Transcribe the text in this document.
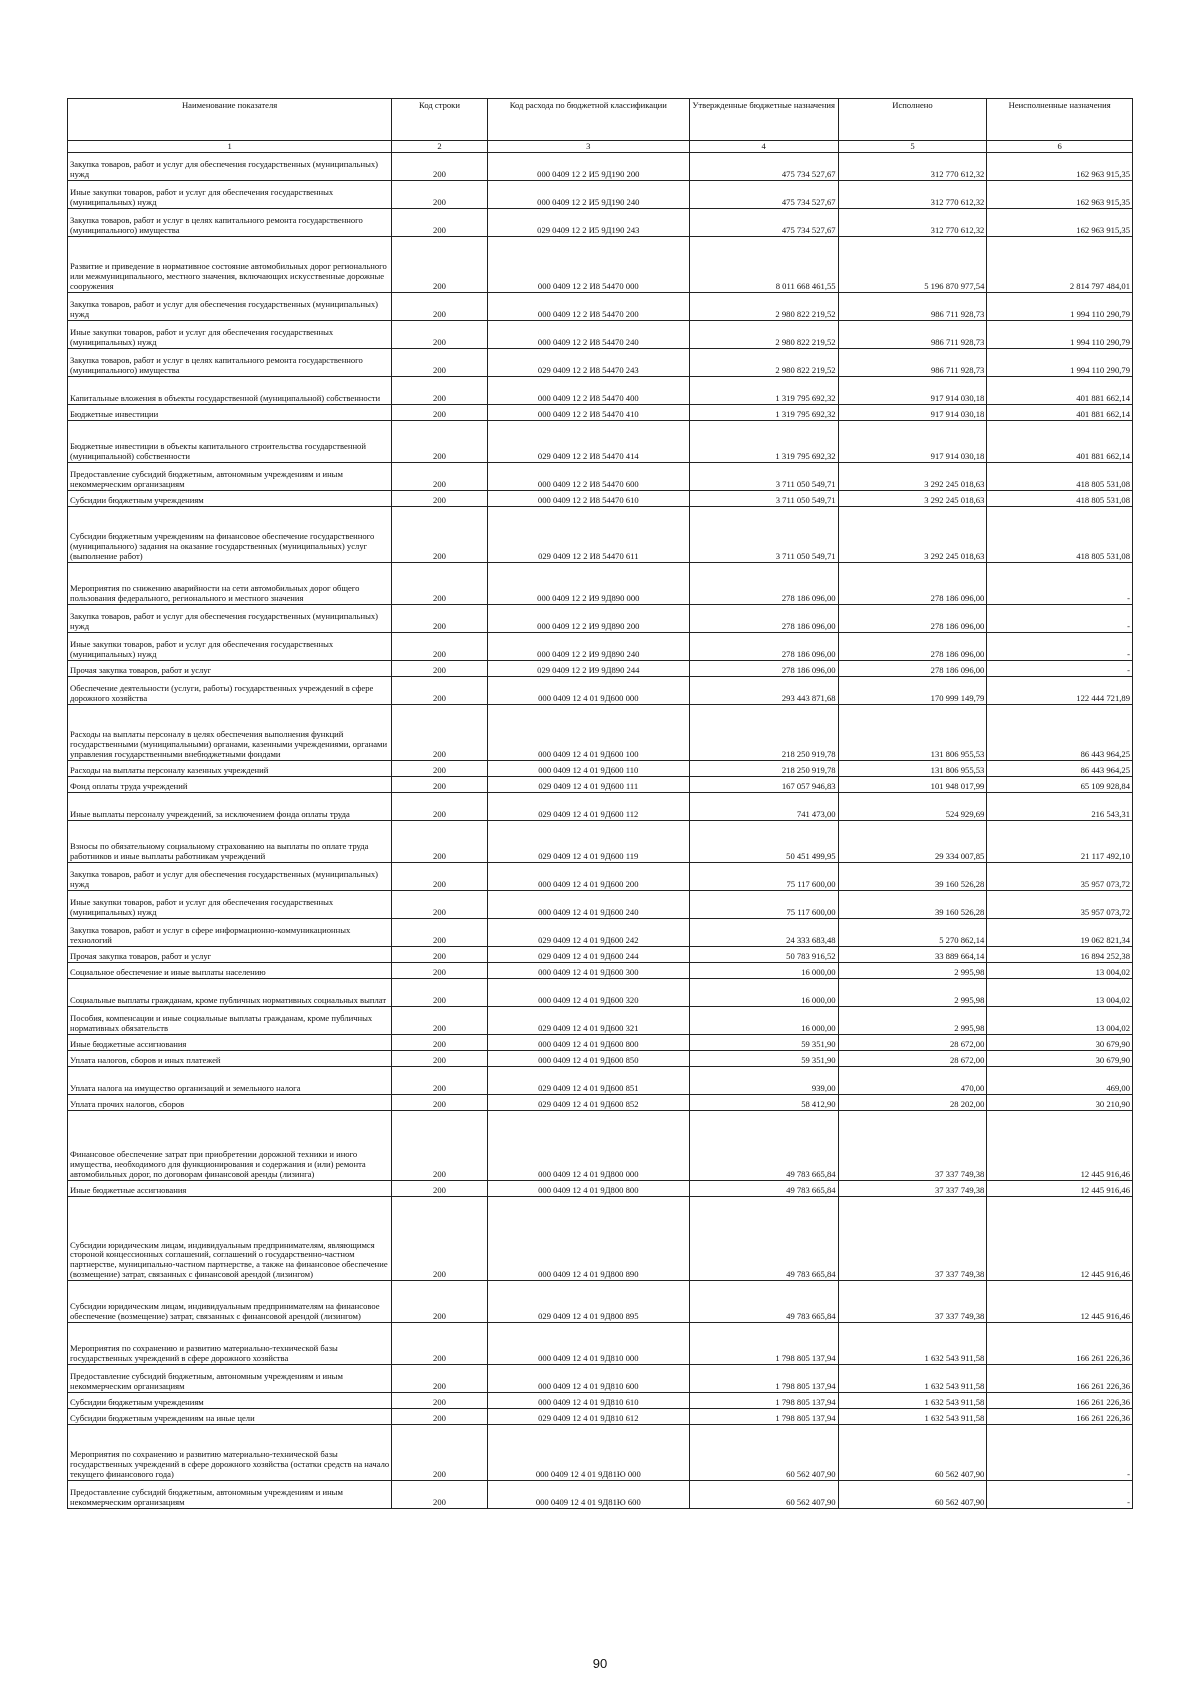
Наименование показателя	Код строки	Код расхода по бюджетной классификации	Утвержденные бюджетные назначения	Исполнено	Неисполненные назначения
1	2	3	4	5	6
Закупка товаров, работ и услуг для обеспечения государственных (муниципальных) нужд	200	000 0409 12 2 И5 9Д190 200	475 734 527,67	312 770 612,32	162 963 915,35
Иные закупки товаров, работ и услуг для обеспечения государственных (муниципальных) нужд	200	000 0409 12 2 И5 9Д190 240	475 734 527,67	312 770 612,32	162 963 915,35
Закупка товаров, работ и услуг в целях капитального ремонта государственного (муниципального) имущества	200	029 0409 12 2 И5 9Д190 243	475 734 527,67	312 770 612,32	162 963 915,35
Развитие и приведение в нормативное состояние автомобильных дорог регионального или межмуниципального, местного значения, включающих искусственные дорожные сооружения	200	000 0409 12 2 И8 54470 000	8 011 668 461,55	5 196 870 977,54	2 814 797 484,01
Закупка товаров, работ и услуг для обеспечения государственных (муниципальных) нужд	200	000 0409 12 2 И8 54470 200	2 980 822 219,52	986 711 928,73	1 994 110 290,79
Иные закупки товаров, работ и услуг для обеспечения государственных (муниципальных) нужд	200	000 0409 12 2 И8 54470 240	2 980 822 219,52	986 711 928,73	1 994 110 290,79
Закупка товаров, работ и услуг в целях капитального ремонта государственного (муниципального) имущества	200	029 0409 12 2 И8 54470 243	2 980 822 219,52	986 711 928,73	1 994 110 290,79
Капитальные вложения в объекты государственной (муниципальной) собственности	200	000 0409 12 2 И8 54470 400	1 319 795 692,32	917 914 030,18	401 881 662,14
Бюджетные инвестиции	200	000 0409 12 2 И8 54470 410	1 319 795 692,32	917 914 030,18	401 881 662,14
Бюджетные инвестиции в объекты капитального строительства государственной (муниципальной) собственности	200	029 0409 12 2 И8 54470 414	1 319 795 692,32	917 914 030,18	401 881 662,14
Предоставление субсидий бюджетным, автономным учреждениям и иным некоммерческим организациям	200	000 0409 12 2 И8 54470 600	3 711 050 549,71	3 292 245 018,63	418 805 531,08
Субсидии бюджетным учреждениям	200	000 0409 12 2 И8 54470 610	3 711 050 549,71	3 292 245 018,63	418 805 531,08
Субсидии бюджетным учреждениям на финансовое обеспечение государственного (муниципального) задания на оказание государственных (муниципальных) услуг (выполнение работ)	200	029 0409 12 2 И8 54470 611	3 711 050 549,71	3 292 245 018,63	418 805 531,08
Мероприятия по снижению аварийности на сети автомобильных дорог общего пользования федерального, регионального и местного значения	200	000 0409 12 2 И9 9Д890 000	278 186 096,00	278 186 096,00	-
Закупка товаров, работ и услуг для обеспечения государственных (муниципальных) нужд	200	000 0409 12 2 И9 9Д890 200	278 186 096,00	278 186 096,00	-
Иные закупки товаров, работ и услуг для обеспечения государственных (муниципальных) нужд	200	000 0409 12 2 И9 9Д890 240	278 186 096,00	278 186 096,00	-
Прочая закупка товаров, работ и услуг	200	029 0409 12 2 И9 9Д890 244	278 186 096,00	278 186 096,00	-
Обеспечение деятельности (услуги, работы) государственных учреждений в сфере дорожного хозяйства	200	000 0409 12 4 01 9Д600 000	293 443 871,68	170 999 149,79	122 444 721,89
Расходы на выплаты персоналу в целях обеспечения выполнения функций государственными (муниципальными) органами, казенными учреждениями, органами управления государственными внебюджетными фондами	200	000 0409 12 4 01 9Д600 100	218 250 919,78	131 806 955,53	86 443 964,25
Расходы на выплаты персоналу казенных учреждений	200	000 0409 12 4 01 9Д600 110	218 250 919,78	131 806 955,53	86 443 964,25
Фонд оплаты труда учреждений	200	029 0409 12 4 01 9Д600 111	167 057 946,83	101 948 017,99	65 109 928,84
Иные выплаты персоналу учреждений, за исключением фонда оплаты труда	200	029 0409 12 4 01 9Д600 112	741 473,00	524 929,69	216 543,31
Взносы по обязательному социальному страхованию на выплаты по оплате труда работников и иные выплаты работникам учреждений	200	029 0409 12 4 01 9Д600 119	50 451 499,95	29 334 007,85	21 117 492,10
Закупка товаров, работ и услуг для обеспечения государственных (муниципальных) нужд	200	000 0409 12 4 01 9Д600 200	75 117 600,00	39 160 526,28	35 957 073,72
Иные закупки товаров, работ и услуг для обеспечения государственных (муниципальных) нужд	200	000 0409 12 4 01 9Д600 240	75 117 600,00	39 160 526,28	35 957 073,72
Закупка товаров, работ и услуг в сфере информационно-коммуникационных технологий	200	029 0409 12 4 01 9Д600 242	24 333 683,48	5 270 862,14	19 062 821,34
Прочая закупка товаров, работ и услуг	200	029 0409 12 4 01 9Д600 244	50 783 916,52	33 889 664,14	16 894 252,38
Социальное обеспечение и иные выплаты населению	200	000 0409 12 4 01 9Д600 300	16 000,00	2 995,98	13 004,02
Социальные выплаты гражданам, кроме публичных нормативных социальных выплат	200	000 0409 12 4 01 9Д600 320	16 000,00	2 995,98	13 004,02
Пособия, компенсации и иные социальные выплаты гражданам, кроме публичных нормативных обязательств	200	029 0409 12 4 01 9Д600 321	16 000,00	2 995,98	13 004,02
Иные бюджетные ассигнования	200	000 0409 12 4 01 9Д600 800	59 351,90	28 672,00	30 679,90
Уплата налогов, сборов и иных платежей	200	000 0409 12 4 01 9Д600 850	59 351,90	28 672,00	30 679,90
Уплата налога на имущество организаций и земельного налога	200	029 0409 12 4 01 9Д600 851	939,00	470,00	469,00
Уплата прочих налогов, сборов	200	029 0409 12 4 01 9Д600 852	58 412,90	28 202,00	30 210,90
Финансовое обеспечение затрат при приобретении дорожной техники и иного имущества, необходимого для функционирования и содержания и (или) ремонта автомобильных дорог, по договорам финансовой аренды (лизинга)	200	000 0409 12 4 01 9Д800 000	49 783 665,84	37 337 749,38	12 445 916,46
Иные бюджетные ассигнования	200	000 0409 12 4 01 9Д800 800	49 783 665,84	37 337 749,38	12 445 916,46
Субсидии юридическим лицам, индивидуальным предпринимателям, являющимся стороной концессионных соглашений, соглашений о государственно-частном партнерстве, муниципально-частном партнерстве, а также на финансовое обеспечение (возмещение) затрат, связанных с финансовой арендой (лизингом)	200	000 0409 12 4 01 9Д800 890	49 783 665,84	37 337 749,38	12 445 916,46
Субсидии юридическим лицам, индивидуальным предпринимателям на финансовое обеспечение (возмещение) затрат, связанных с финансовой арендой (лизингом)	200	029 0409 12 4 01 9Д800 895	49 783 665,84	37 337 749,38	12 445 916,46
Мероприятия по сохранению и развитию материально-технической базы государственных учреждений в сфере дорожного хозяйства	200	000 0409 12 4 01 9Д810 000	1 798 805 137,94	1 632 543 911,58	166 261 226,36
Предоставление субсидий бюджетным, автономным учреждениям и иным некоммерческим организациям	200	000 0409 12 4 01 9Д810 600	1 798 805 137,94	1 632 543 911,58	166 261 226,36
Субсидии бюджетным учреждениям	200	000 0409 12 4 01 9Д810 610	1 798 805 137,94	1 632 543 911,58	166 261 226,36
Субсидии бюджетным учреждениям на иные цели	200	029 0409 12 4 01 9Д810 612	1 798 805 137,94	1 632 543 911,58	166 261 226,36
Мероприятия по сохранению и развитию материально-технической базы государственных учреждений в сфере дорожного хозяйства (остатки средств на начало текущего финансового года)	200	000 0409 12 4 01 9Д81Ю 000	60 562 407,90	60 562 407,90	-
Предоставление субсидий бюджетным, автономным учреждениям и иным некоммерческим организациям	200	000 0409 12 4 01 9Д81Ю 600	60 562 407,90	60 562 407,90	-
90
